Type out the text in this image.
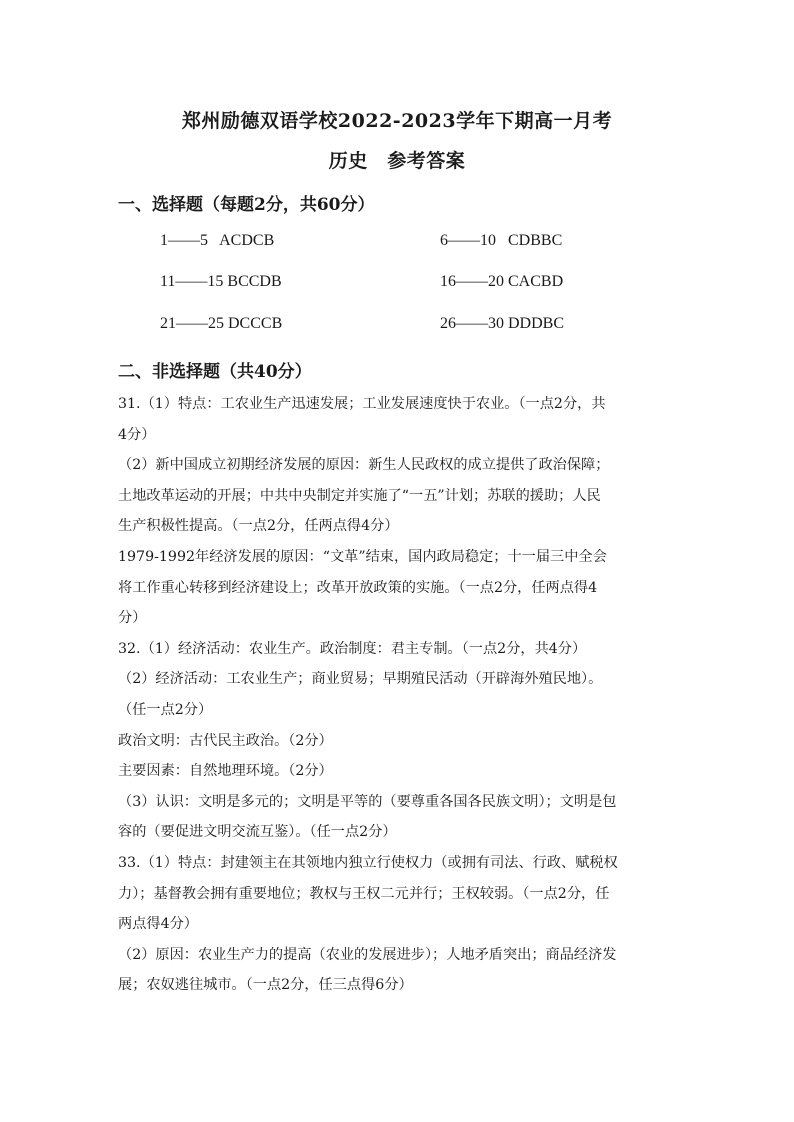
郑州励德双语学校2022-2023学年下期高一月考
历史　参考答案
一、选择题（每题2分，共60分）
1——5 ACDCB	6——10 CDBBC
11——15 BCCDB	16——20 CACBD
21——25 DCCCB	26——30 DDDBC
二、非选择题（共40分）

31.（1）特点：工农业生产迅速发展；工业发展速度快于农业。（一点2分，共

4分）

（2）新中国成立初期经济发展的原因：新生人民政权的成立提供了政治保障；

土地改革运动的开展；中共中央制定并实施了“一五”计划；苏联的援助；人民

生产积极性提高。（一点2分，任两点得4分）

1979-1992年经济发展的原因：“文革”结束，国内政局稳定；十一届三中全会

将工作重心转移到经济建设上；改革开放政策的实施。（一点2分，任两点得4

分）

32.（1）经济活动：农业生产。政治制度：君主专制。（一点2分，共4分）

（2）经济活动：工农业生产；商业贸易；早期殖民活动（开辟海外殖民地）。

（任一点2分）

政治文明：古代民主政治。（2分）

主要因素：自然地理环境。（2分）

（3）认识：文明是多元的；文明是平等的（要尊重各国各民族文明）；文明是包

容的（要促进文明交流互鉴）。（任一点2分）

33.（1）特点：封建领主在其领地内独立行使权力（或拥有司法、行政、赋税权

力）；基督教会拥有重要地位；教权与王权二元并行；王权较弱。（一点2分，任

两点得4分）

（2）原因：农业生产力的提高（农业的发展进步）；人地矛盾突出；商品经济发

展；农奴逃往城市。（一点2分，任三点得6分）
